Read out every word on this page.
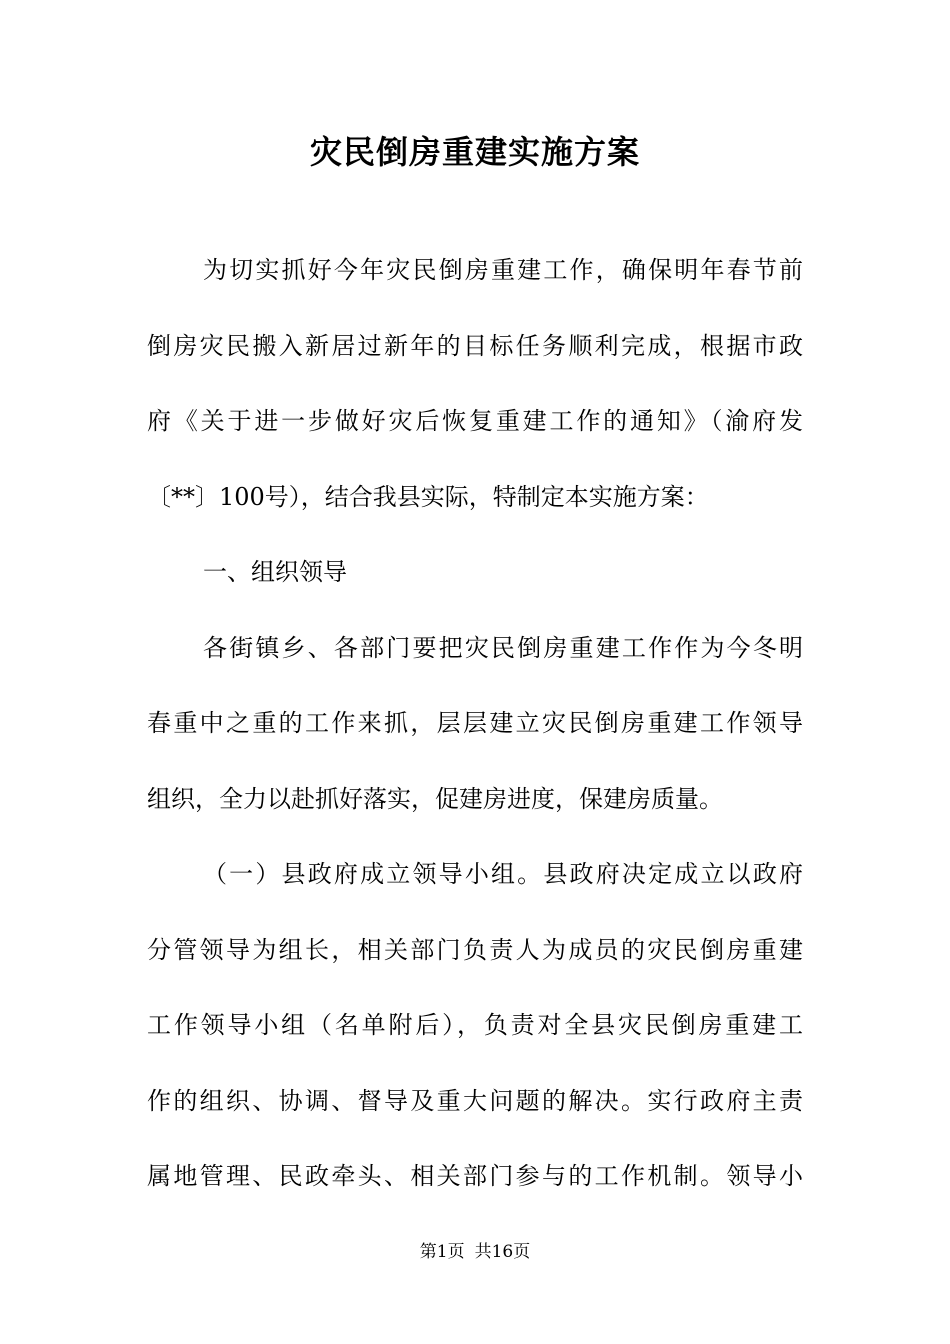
灾民倒房重建实施方案
为切实抓好今年灾民倒房重建工作，确保明年春节前
倒房灾民搬入新居过新年的目标任务顺利完成，根据市政
府《关于进一步做好灾后恢复重建工作的通知》（渝府发
〔**〕100号），结合我县实际，特制定本实施方案：
一、组织领导
各街镇乡、各部门要把灾民倒房重建工作作为今冬明
春重中之重的工作来抓，层层建立灾民倒房重建工作领导
组织，全力以赴抓好落实，促建房进度，保建房质量。
（一）县政府成立领导小组。县政府决定成立以政府
分管领导为组长，相关部门负责人为成员的灾民倒房重建
工作领导小组（名单附后），负责对全县灾民倒房重建工
作的组织、协调、督导及重大问题的解决。实行政府主责
属地管理、民政牵头、相关部门参与的工作机制。领导小
第1页 共16页
